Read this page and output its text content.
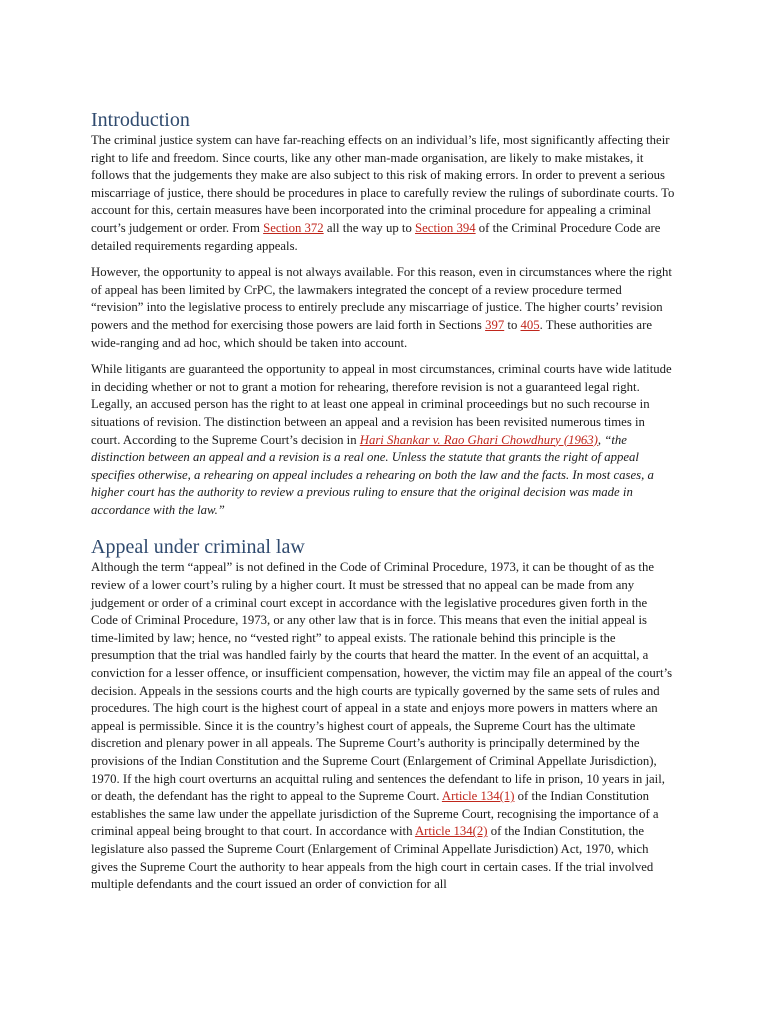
Introduction

The criminal justice system can have far-reaching effects on an individual’s life, most significantly affecting their right to life and freedom. Since courts, like any other man-made organisation, are likely to make mistakes, it follows that the judgements they make are also subject to this risk of making errors. In order to prevent a serious miscarriage of justice, there should be procedures in place to carefully review the rulings of subordinate courts. To account for this, certain measures have been incorporated into the criminal procedure for appealing a criminal court’s judgement or order. From Section 372 all the way up to Section 394 of the Criminal Procedure Code are detailed requirements regarding appeals.

However, the opportunity to appeal is not always available. For this reason, even in circumstances where the right of appeal has been limited by CrPC, the lawmakers integrated the concept of a review procedure termed “revision” into the legislative process to entirely preclude any miscarriage of justice. The higher courts’ revision powers and the method for exercising those powers are laid forth in Sections 397 to 405. These authorities are wide-ranging and ad hoc, which should be taken into account.

While litigants are guaranteed the opportunity to appeal in most circumstances, criminal courts have wide latitude in deciding whether or not to grant a motion for rehearing, therefore revision is not a guaranteed legal right. Legally, an accused person has the right to at least one appeal in criminal proceedings but no such recourse in situations of revision. The distinction between an appeal and a revision has been revisited numerous times in court. According to the Supreme Court’s decision in Hari Shankar v. Rao Ghari Chowdhury (1963), “the distinction between an appeal and a revision is a real one. Unless the statute that grants the right of appeal specifies otherwise, a rehearing on appeal includes a rehearing on both the law and the facts. In most cases, a higher court has the authority to review a previous ruling to ensure that the original decision was made in accordance with the law.”

Appeal under criminal law

Although the term “appeal” is not defined in the Code of Criminal Procedure, 1973, it can be thought of as the review of a lower court’s ruling by a higher court. It must be stressed that no appeal can be made from any judgement or order of a criminal court except in accordance with the legislative procedures given forth in the Code of Criminal Procedure, 1973, or any other law that is in force. This means that even the initial appeal is time-limited by law; hence, no “vested right” to appeal exists. The rationale behind this principle is the presumption that the trial was handled fairly by the courts that heard the matter. In the event of an acquittal, a conviction for a lesser offence, or insufficient compensation, however, the victim may file an appeal of the court’s decision. Appeals in the sessions courts and the high courts are typically governed by the same sets of rules and procedures. The high court is the highest court of appeal in a state and enjoys more powers in matters where an appeal is permissible. Since it is the country’s highest court of appeals, the Supreme Court has the ultimate discretion and plenary power in all appeals. The Supreme Court’s authority is principally determined by the provisions of the Indian Constitution and the Supreme Court (Enlargement of Criminal Appellate Jurisdiction), 1970. If the high court overturns an acquittal ruling and sentences the defendant to life in prison, 10 years in jail, or death, the defendant has the right to appeal to the Supreme Court. Article 134(1) of the Indian Constitution establishes the same law under the appellate jurisdiction of the Supreme Court, recognising the importance of a criminal appeal being brought to that court. In accordance with Article 134(2) of the Indian Constitution, the legislature also passed the Supreme Court (Enlargement of Criminal Appellate Jurisdiction) Act, 1970, which gives the Supreme Court the authority to hear appeals from the high court in certain cases. If the trial involved multiple defendants and the court issued an order of conviction for all
